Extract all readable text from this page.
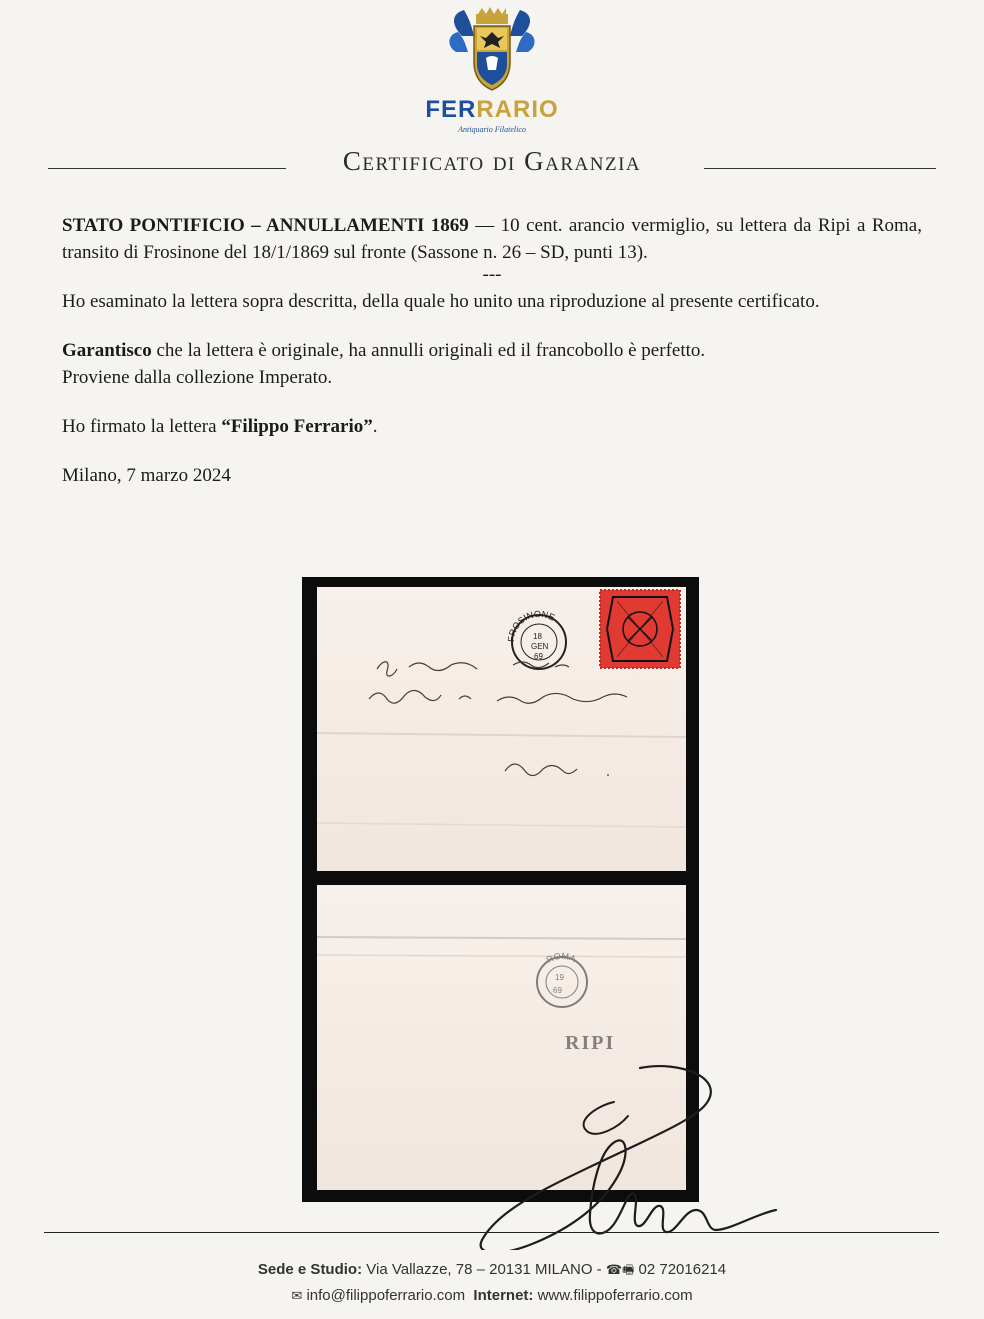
FERRARIO
Antiquario Filatelico
Certificato di Garanzia

STATO PONTIFICIO – ANNULLAMENTI 1869 — 10 cent. arancio vermiglio, su lettera da Ripi a Roma, transito di Frosinone del 18/1/1869 sul fronte (Sassone n. 26 – SD, punti 13).

---

Ho esaminato la lettera sopra descritta, della quale ho unito una riproduzione al presente certificato.

Garantisco che la lettera è originale, ha annulli originali ed il francobollo è perfetto.

Proviene dalla collezione Imperato.

Ho firmato la lettera “Filippo Ferrario”.

Milano, 7 marzo 2024

FROSINONE
18
GEN
69
ROMA
19
69
RIPI
Sede e Studio: Via Vallazze, 78 – 20131 MILANO - ☎🖷 02 72016214
✉ info@filippoferrario.com Internet: www.filippoferrario.com
